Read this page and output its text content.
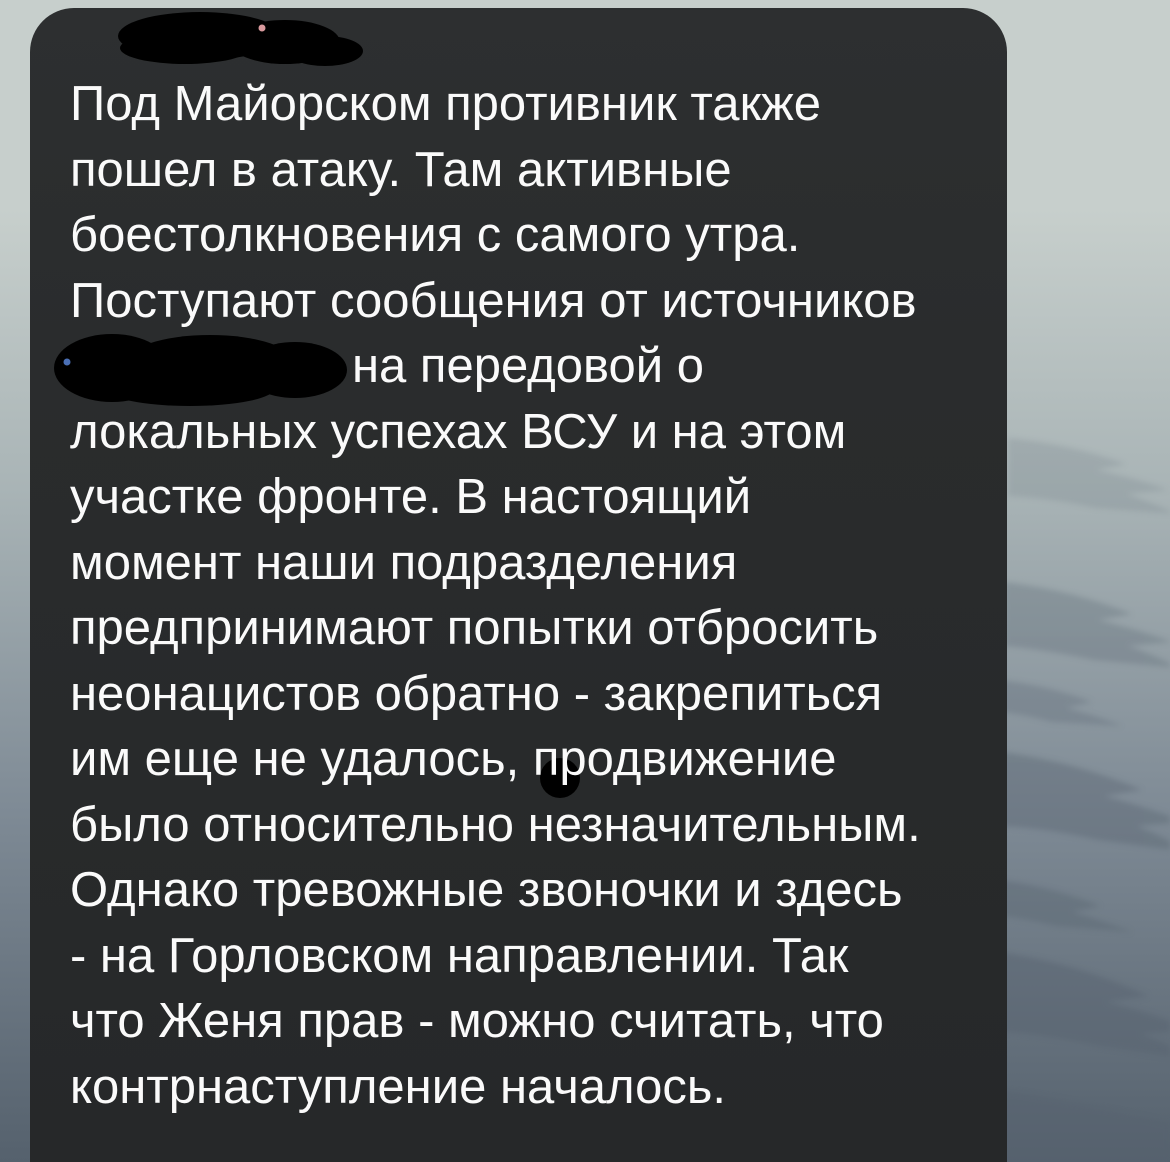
Под Майорском противник также
пошел в атаку. Там активные
боестолкновения с самого утра.
Поступают сообщения от источников
на передовой о
локальных успехах ВСУ и на этом
участке фронте. В настоящий
момент наши подразделения
предпринимают попытки отбросить
неонацистов обратно - закрепиться
им еще не удалось, продвижение
было относительно незначительным.
Однако тревожные звоночки и здесь
- на Горловском направлении. Так
что Женя прав - можно считать, что
контрнаступление началось.
